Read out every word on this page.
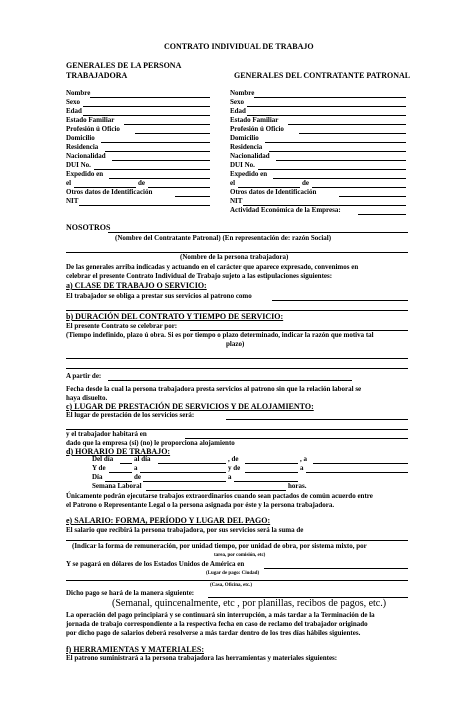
CONTRATO INDIVIDUAL DE TRABAJO
GENERALES DE LA PERSONA
TRABAJADORA	GENERALES DEL CONTRATANTE PATRONAL
Nombre
Sexo
Edad
Estado Familiar
Profesión ú Oficio
Domicilio
Residencia
Nacionalidad
DUI No.
Expedido en
el	de
Otros datos de Identificación
NIT
Nombre
Sexo
Edad
Estado Familiar
Profesión ú Oficio
Domicilio
Residencia
Nacionalidad
DUI No.
Expedido en
el	de
Otros datos de Identificación
NIT
Actividad Económica de la Empresa:
NOSOTROS
(Nombre del Contratante Patronal) (En representación de: razón Social)
(Nombre de la persona trabajadora)
De las generales arriba indicadas y actuando en el carácter que aparece expresado, convenimos en
celebrar el presente Contrato Individual de Trabajo sujeto a las estipulaciones siguientes:
a) CLASE DE TRABAJO O SERVICIO:
El trabajador se obliga a prestar sus servicios al patrono como
b) DURACIÓN DEL CONTRATO Y TIEMPO DE SERVICIO:
El presente Contrato se celebrar por:
(Tiempo indefinido, plazo ú obra. Si es por tiempo o plazo determinado, indicar la razón que motiva tal
plazo)
A partir de:
Fecha desde la cual la persona trabajadora presta servicios al patrono sin que la relación laboral se
haya disuelto.
c) LUGAR DE PRESTACIÓN DE SERVICIOS Y DE ALOJAMIENTO:
El lugar de prestación de los servicios será:
y el trabajador habitará en
dado que la empresa (si) (no) le proporciona alojamiento
d) HORARIO DE TRABAJO:
Del día	al día	, de	, a
Y de	a	y de	a
Día	de	a
Semana Laboral	horas.
Únicamente podrán ejecutarse trabajos extraordinarios cuando sean pactados de común acuerdo entre
el Patrono o Representante Legal o la persona asignada por éste y la persona trabajadora.
e) SALARIO: FORMA, PERÍODO Y LUGAR DEL PAGO:
El salario que recibirá la persona trabajadora, por sus servicios será la suma de
(Indicar la forma de remuneración, por unidad tiempo, por unidad de obra, por sistema mixto, por
tarea, por comisión, etc)
Y se pagará en dólares de los Estados Unidos de América en
(Lugar de pago: Ciudad)
(Casa, Oficina, etc.)
Dicho pago se hará de la manera siguiente:
(Semanal, quincenalmente, etc , por planillas, recibos de pagos, etc.)
La operación del pago principiará y se continuará sin interrupción, a más tardar a la Terminación de la
jornada de trabajo correspondiente a la respectiva fecha en caso de reclamo del trabajador originado
por dicho pago de salarios deberá resolverse a más tardar dentro de los tres días hábiles siguientes.
f) HERRAMIENTAS Y MATERIALES:
El patrono suministrará a la persona trabajadora las herramientas y materiales siguientes:
